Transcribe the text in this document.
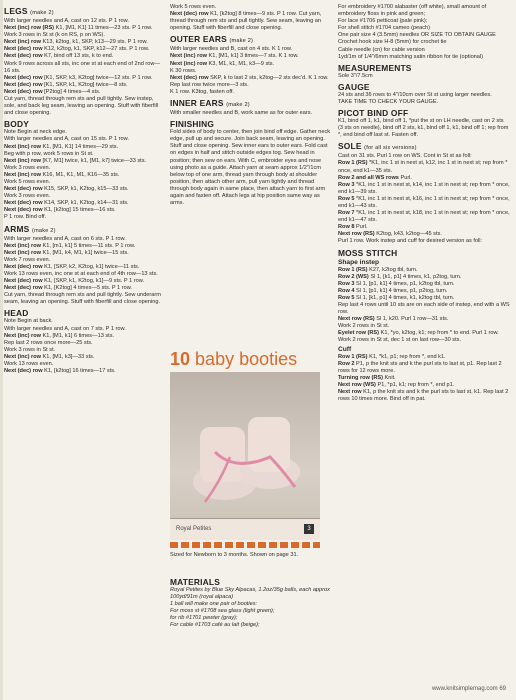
LEGS (make 2)

With larger needles and A, cast on 12 sts. P 1 row.

Next (inc) row (RS) K1, [M1, K1] 11 times—23 sts. P 1 row.

Work 3 rows in St st (k on RS, p on WS).

Next (inc) row K13, k2tog, k1, SKP, k13—29 sts. P 1 row.

Next (dec) row K12, k2tog, k1, SKP, k12—27 sts. P 1 row.

Next (dec) row K7, bind off 13 sts, k to end.

Work 9 rows across all sts, inc one st at each end of 2nd row—16 sts.

Next (dec) row [K1, SKP, k3, K2tog] twice—12 sts. P 1 row.

Next (dec) row [K1, SKP, k1, K2tog] twice—8 sts.

Next (dec) row [P2tog] 4 times—4 sts.

Cut yarn, thread through rem sts and pull tightly. Sew instep, sole, and back leg seam, leaving an opening. Stuff with fiberfill and close opening.

BODY

Note Begin at neck edge.

With larger needles and A, cast on 15 sts. P 1 row.

Next (inc) row K1, [M1, K1] 14 times—29 sts.

Beg with p row, work 5 rows in St st.

Next (inc) row [K7, M1] twice, k1, [M1, k7] twice—33 sts.

Work 3 rows even.

Next (inc) row K16, M1, K1, M1, K16—35 sts.

Work 5 rows even.

Next (dec) row K15, SKP, k1, K2tog, k15—33 sts.

Work 3 rows even.

Next (dec) row K14, SKP, k1, K2tog, k14—31 sts.

Next (dec) row K1, [k2tog] 15 times—16 sts.

P 1 row. Bind off.

ARMS (make 2)

With larger needles and A, cast on 6 sts. P 1 row.

Next (inc) row K1, [m1, k1] 5 times—11 sts. P 1 row.

Next (inc) row K1, [M1, k4, M1, k1] twice—15 sts.

Work 7 rows even.

Next (dec) row K1, [SKP, k2, K2tog, k1] twice—11 sts.

Work 13 rows even, inc one st at each end of 4th row—13 sts.

Next (dec) row K1, [SKP, k1, K2tog, k1]—9 sts. P 1 row.

Next (dec) row K1, [K2tog] 4 times—5 sts. P 1 row.

Cut yarn, thread through rem sts and pull tightly. Sew underarm seam, leaving an opening. Stuff with fiberfill and close opening.

HEAD

Note Begin at back.

With larger needles and A, cast on 7 sts. P 1 row.

Next (inc) row K1, [M1, k1] 6 times—13 sts.

Rep last 2 rows once more—25 sts.

Work 3 rows in St st.

Next (inc) row K1, [M1, k3]—33 sts.

Work 13 rows even.

Next (dec) row K1, [k2tog] 16 times—17 sts.

Work 5 rows even.

Next (dec) row K1, [k2tog] 8 times—9 sts. P 1 row. Cut yarn, thread through rem sts and pull tightly. Sew seam, leaving an opening. Stuff with fiberfill and close opening.

OUTER EARS (make 2)

With larger needles and B, cast on 4 sts. K 1 row.

Next (inc) row K1, [M1, k1] 3 times—7 sts. K 1 row.

Next (inc) row K3, M1, k1, M1, k3—9 sts.

K 30 rows.

Next (dec) row SKP, k to last 2 sts, k2tog—2 sts dec'd. K 1 row.

Rep last row twice more—3 sts.

K 1 row. K3tog, fasten off.

INNER EARS (make 2)

With smaller needles and B, work same as for outer ears.

FINISHING

Fold sides of body to center, then join bind off edge. Gather neck edge, pull up and secure. Join back seam, leaving an opening. Stuff and close opening. Sew inner ears to outer ears. Fold cast on edges in half and stitch outside edges tog. Sew head in position; then sew on ears. With C, embroider eyes and nose using photo as a guide. Attach yarn at seam approx 1/2"/1cm below top of one arm, thread yarn through body at shoulder position, then attach other arm, pull yarn tightly and thread through body again in same place, then attach yarn to first arm again and fasten off. Attach legs at hip position same way as arms.

10 baby booties
Royal Petites	3
Sized for Newborn to 3 months. Shown on page 31.
MATERIALS

Royal Petites by Blue Sky Alpacas, 1.2oz/35g balls, each approx 100yd/91m (royal alpaca)

1 ball will make one pair of booties:

For moss st #1708 sea glass (light green);

for rib #1701 pewter (gray);

For cable #1703 café au lait (beige);

For embroidery #1700 alabaster (off white), small amount of embroidery floss in pink and green;

For lace #1706 petticoat (pale pink);

For shell stitch #1704 cameo (peach)

One pair size 4 (3.5mm) needles OR SIZE TO OBTAIN GAUGE

Crochet hook size H-8 (5mm) for crochet tie

Cable needle (cn) for cable version

1yd/1m of 1/4"/6mm matching satin ribbon for tie (optional)

MEASUREMENTS

Sole 3"/7.5cm

GAUGE

24 sts and 36 rows to 4"/10cm over St st using larger needles.

TAKE TIME TO CHECK YOUR GAUGE.

PICOT BIND OFF

K1, bind off 1, k1, bind off 1, *put the st on LH needle, cast on 2 sts (3 sts on needle), bind off 2 sts, k1, bind off 1, k1, bind off 1; rep from *, end bind off last st. Fasten off.

SOLE (for all six versions)

Cast on 31 sts. Purl 1 row on WS. Cont in St st as foll:

Row 1 (RS) *K1, inc 1 st in next st, k12, inc 1 st in next st; rep from * once, end k1—35 sts.

Row 2 and all WS rows Purl.

Row 3 *K1, inc 1 st in next st, k14, inc 1 st in next st; rep from * once, end k1—39 sts.

Row 5 *K1, inc 1 st in next st, k16, inc 1 st in next st; rep from * once, end k1—43 sts.

Row 7 *K1, inc 1 st in next st, k18, inc 1 st in next st; rep from * once, end k1—47 sts.

Row 8 Purl.

Next row (RS) K2tog, k43, k2tog—45 sts.

Purl 1 row. Work instep and cuff for desired version as foll:

MOSS STITCH
Shape instep

Row 1 (RS) K27, k2tog tbl, turn.

Row 2 (WS) Sl 1, [k1, p1] 4 times, k1, p2tog, turn.

Row 3 Sl 1, [p1, k1] 4 times, p1, k2tog tbl, turn.

Row 4 Sl 1, [p1, k1] 4 times, p1, p2tog, turn.

Row 5 Sl 1, [k1, p1] 4 times, k1, k2tog tbl, turn.

Rep last 4 rows until 10 sts are on each side of instep, end with a WS row.

Next row (RS) Sl 1, k20. Purl 1 row—31 sts.

Work 2 rows in St st.

Eyelet row (RS) K1, *yo, k2tog, k1; rep from * to end. Purl 1 row. Work 2 rows in St st, dec 1 st on last row—30 sts.

Cuff

Row 1 (RS) K1, *k1, p1; rep from *, end k1.

Row 2 P1, p the knit sts and k the purl sts to last st, p1. Rep last 2 rows for 12 rows more.

Turning row (RS) Knit.

Next row (WS) P1, *p1, k1; rep from *, end p1.

Next row K1, p the knit sts and k the purl sts to last st, k1. Rep last 2 rows 10 times more. Bind off in pat.

www.knitsimplemag.com 69
